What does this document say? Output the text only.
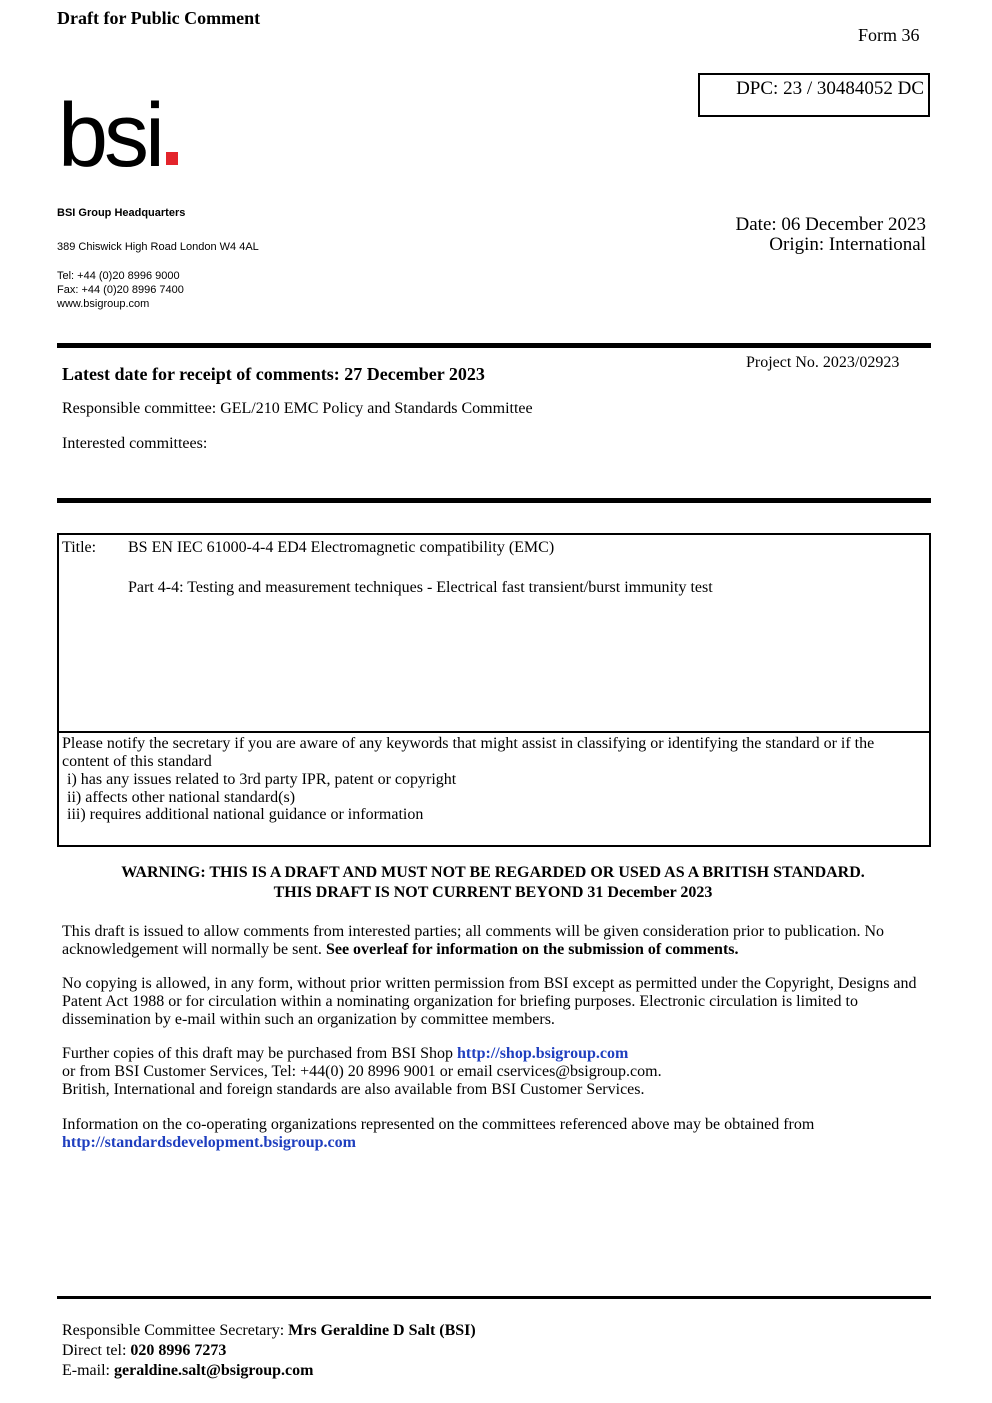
Draft for Public Comment
Form 36
DPC: 23 / 30484052 DC
bsi
BSI Group Headquarters
389 Chiswick High Road London W4 4AL
Tel: +44 (0)20 8996 9000
Fax: +44 (0)20 8996 7400
www.bsigroup.com
Date: 06 December 2023
Origin: International
Project No. 2023/02923
Latest date for receipt of comments: 27 December 2023
Responsible committee: GEL/210 EMC Policy and Standards Committee
Interested committees:
Title: BS EN IEC 61000-4-4 ED4 Electromagnetic compatibility (EMC)
Part 4-4: Testing and measurement techniques - Electrical fast transient/burst immunity test
Please notify the secretary if you are aware of any keywords that might assist in classifying or identifying the standard or if the content of this standard
i) has any issues related to 3rd party IPR, patent or copyright
ii) affects other national standard(s)
iii) requires additional national guidance or information
WARNING: THIS IS A DRAFT AND MUST NOT BE REGARDED OR USED AS A BRITISH STANDARD.
THIS DRAFT IS NOT CURRENT BEYOND 31 December 2023
This draft is issued to allow comments from interested parties; all comments will be given consideration prior to publication. No acknowledgement will normally be sent. See overleaf for information on the submission of comments.
No copying is allowed, in any form, without prior written permission from BSI except as permitted under the Copyright, Designs and Patent Act 1988 or for circulation within a nominating organization for briefing purposes. Electronic circulation is limited to dissemination by e-mail within such an organization by committee members.
Further copies of this draft may be purchased from BSI Shop http://shop.bsigroup.com
or from BSI Customer Services, Tel: +44(0) 20 8996 9001 or email cservices@bsigroup.com.
British, International and foreign standards are also available from BSI Customer Services.
Information on the co-operating organizations represented on the committees referenced above may be obtained from
http://standardsdevelopment.bsigroup.com
Responsible Committee Secretary: Mrs Geraldine D Salt (BSI)
Direct tel: 020 8996 7273
E-mail: geraldine.salt@bsigroup.com
